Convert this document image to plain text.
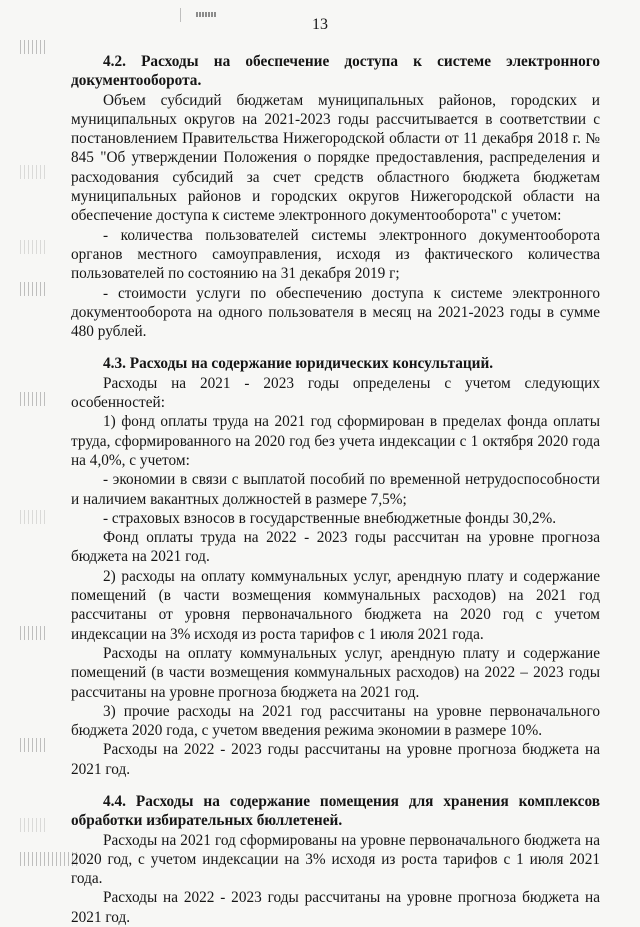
13

4.2. Расходы на обеспечение доступа к системе электронного документооборота.

Объем субсидий бюджетам муниципальных районов, городских и муниципальных округов на 2021-2023 годы рассчитывается в соответствии с постановлением Правительства Нижегородской области от 11 декабря 2018 г. № 845 "Об утверждении Положения о порядке предоставления, распределения и расходования субсидий за счет средств областного бюджета бюджетам муниципальных районов и городских округов Нижегородской области на обеспечение доступа к системе электронного документооборота" с учетом:

- количества пользователей системы электронного документооборота органов местного самоуправления, исходя из фактического количества пользователей по состоянию на 31 декабря 2019 г;

- стоимости услуги по обеспечению доступа к системе электронного документооборота на одного пользователя в месяц на 2021-2023 годы в сумме 480 рублей.

4.3. Расходы на содержание юридических консультаций.

Расходы на 2021 - 2023 годы определены с учетом следующих особенностей:

1) фонд оплаты труда на 2021 год сформирован в пределах фонда оплаты труда, сформированного на 2020 год без учета индексации с 1 октября 2020 года на 4,0%, с учетом:

- экономии в связи с выплатой пособий по временной нетрудоспособности и наличием вакантных должностей в размере 7,5%;

- страховых взносов в государственные внебюджетные фонды 30,2%.

Фонд оплаты труда на 2022 - 2023 годы рассчитан на уровне прогноза бюджета на 2021 год.

2) расходы на оплату коммунальных услуг, арендную плату и содержание помещений (в части возмещения коммунальных расходов) на 2021 год рассчитаны от уровня первоначального бюджета на 2020 год с учетом индексации на 3% исходя из роста тарифов с 1 июля 2021 года.

Расходы на оплату коммунальных услуг, арендную плату и содержание помещений (в части возмещения коммунальных расходов) на 2022 – 2023 годы рассчитаны на уровне прогноза бюджета на 2021 год.

3) прочие расходы на 2021 год рассчитаны на уровне первоначального бюджета 2020 года, с учетом введения режима экономии в размере 10%.

Расходы на 2022 - 2023 годы рассчитаны на уровне прогноза бюджета на 2021 год.

4.4. Расходы на содержание помещения для хранения комплексов обработки избирательных бюллетеней.

Расходы на 2021 год сформированы на уровне первоначального бюджета на 2020 год, с учетом индексации на 3% исходя из роста тарифов с 1 июля 2021 года.

Расходы на 2022 - 2023 годы рассчитаны на уровне прогноза бюджета на 2021 год.
